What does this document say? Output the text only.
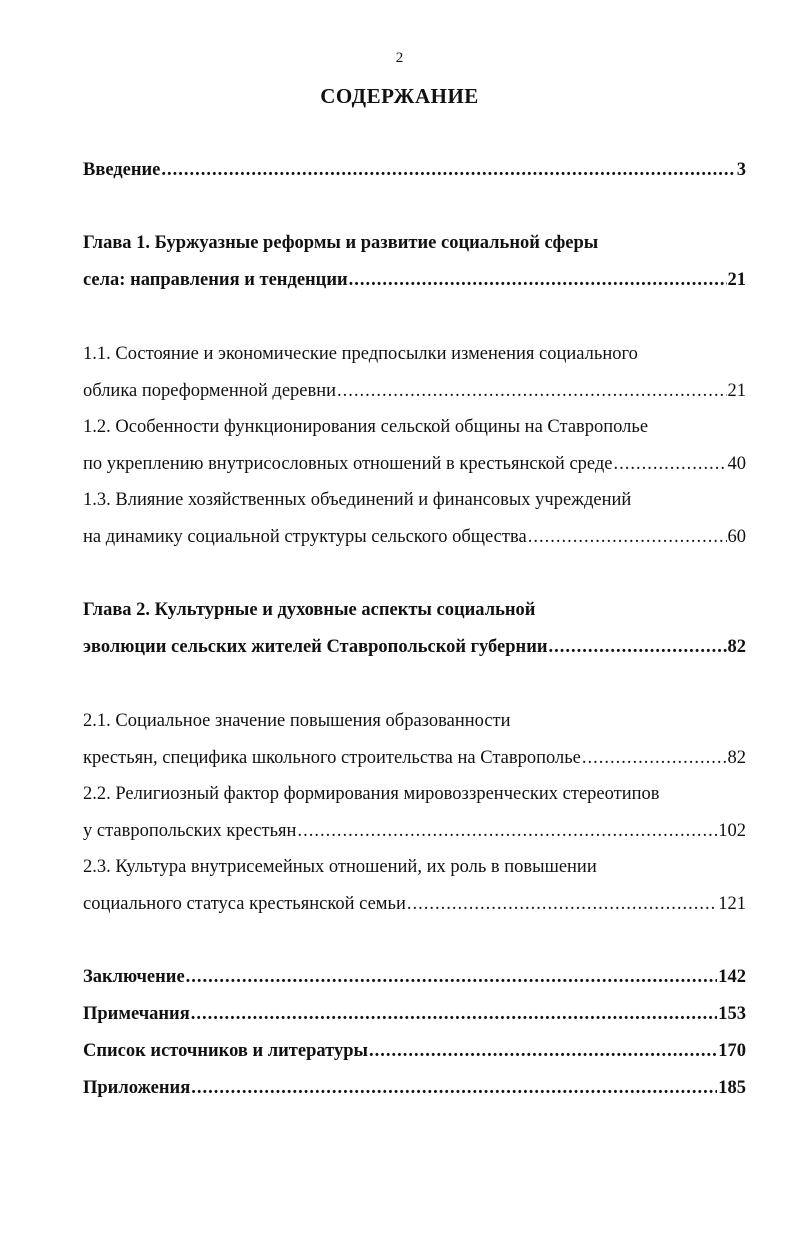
2
СОДЕРЖАНИЕ
Введение .....	3
Глава 1. Буржуазные реформы и развитие социальной сферы
села: направления и тенденции .....	21
1.1. Состояние и экономические предпосылки изменения социального
облика пореформенной деревни .....	21
1.2. Особенности функционирования сельской общины на Ставрополье
по укреплению внутрисословных отношений в крестьянской среде .....	40
1.3. Влияние хозяйственных объединений и финансовых учреждений
на динамику социальной структуры сельского общества .....	60
Глава 2. Культурные и духовные аспекты социальной
эволюции сельских жителей Ставропольской губернии .....	82
2.1. Социальное значение повышения образованности
крестьян, специфика школьного строительства на Ставрополье .....	82
2.2. Религиозный фактор формирования мировоззренческих стереотипов
у ставропольских крестьян .....	102
2.3. Культура внутрисемейных отношений, их роль в повышении
социального статуса крестьянской семьи .....	121
Заключение .....	142
Примечания .....	153
Список источников и литературы .....	170
Приложения .....	185
